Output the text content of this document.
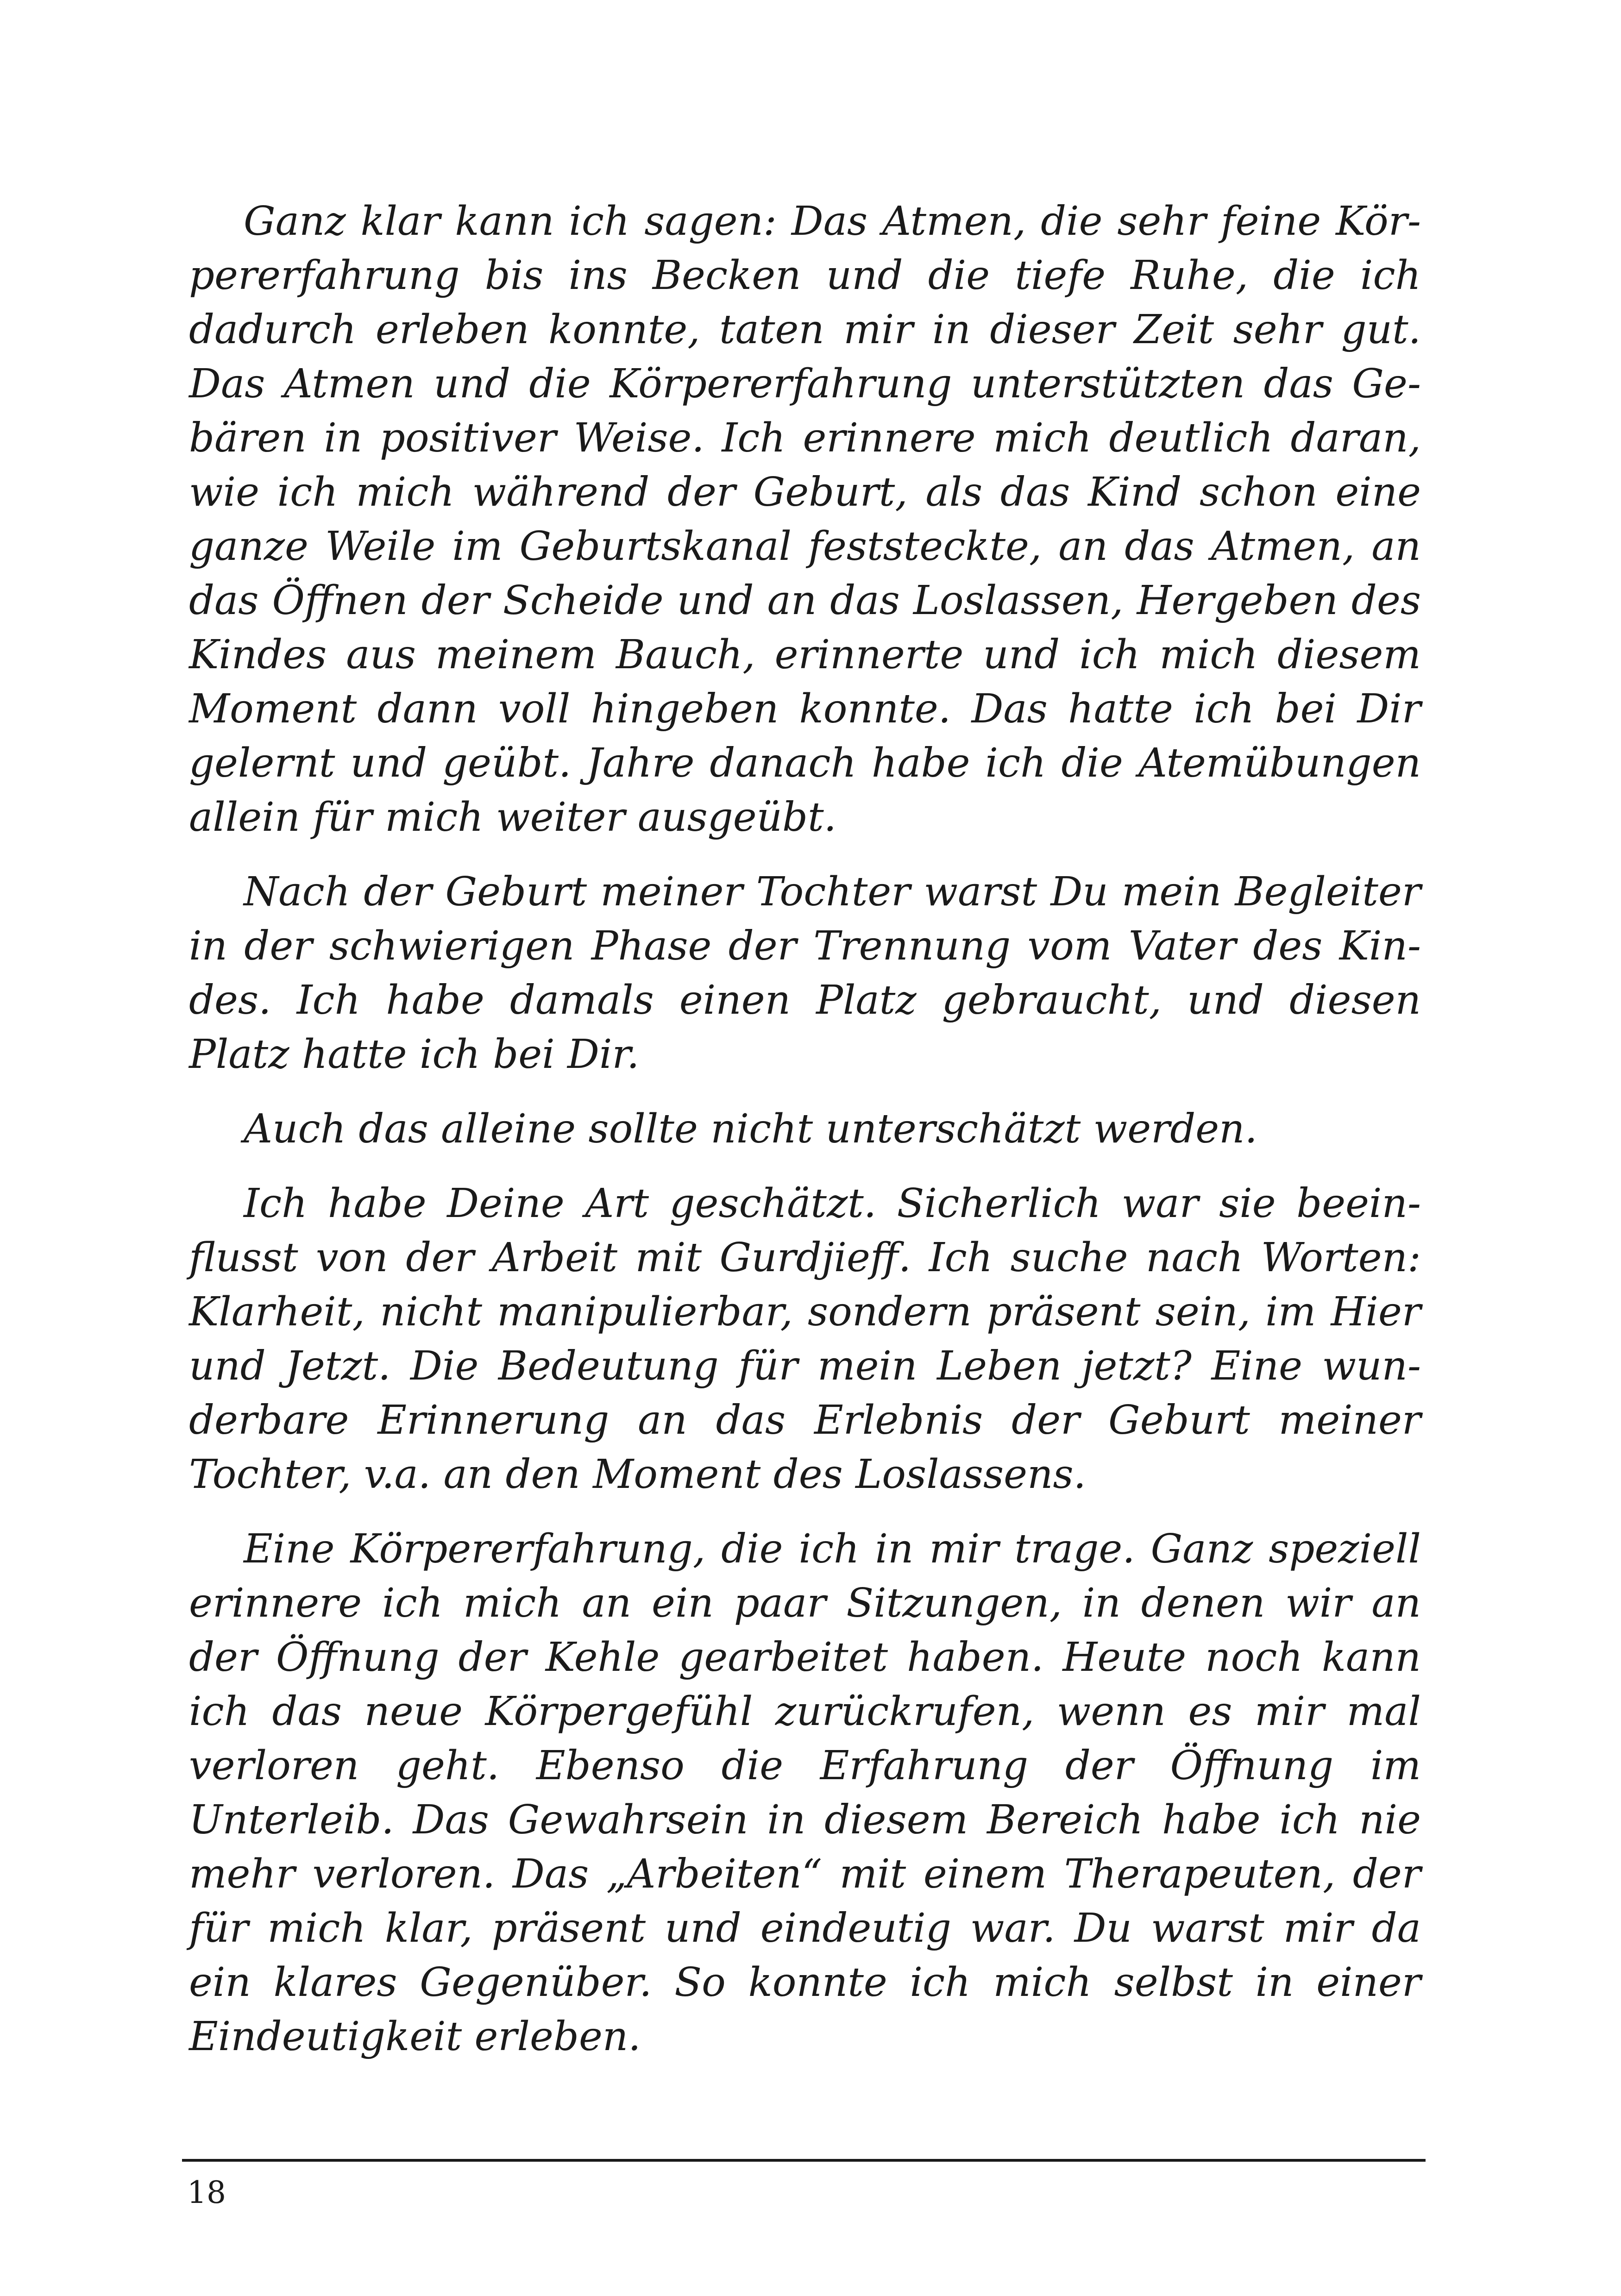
Ganz klar kann ich sagen: Das Atmen, die sehr feine Körpererfahrung bis ins Becken und die tiefe Ruhe, die ich dadurch erleben konnte, taten mir in dieser Zeit sehr gut. Das Atmen und die Körpererfahrung unterstützten das Gebären in positiver Weise. Ich erinnere mich deutlich daran, wie ich mich während der Geburt, als das Kind schon eine ganze Weile im Geburtskanal feststeckte, an das Atmen, an das Öffnen der Scheide und an das Loslassen, Hergeben des Kindes aus meinem Bauch, erinnerte und ich mich diesem Moment dann voll hingeben konnte. Das hatte ich bei Dir gelernt und geübt. Jahre danach habe ich die Atemübungen allein für mich weiter ausgeübt.

Nach der Geburt meiner Tochter warst Du mein Begleiter in der schwierigen Phase der Trennung vom Vater des Kindes. Ich habe damals einen Platz gebraucht, und diesen Platz hatte ich bei Dir.

Auch das alleine sollte nicht unterschätzt werden.

Ich habe Deine Art geschätzt. Sicherlich war sie beeinflusst von der Arbeit mit Gurdjieff. Ich suche nach Worten: Klarheit, nicht manipulierbar, sondern präsent sein, im Hier und Jetzt. Die Bedeutung für mein Leben jetzt? Eine wunderbare Erinnerung an das Erlebnis der Geburt meiner Tochter, v.a. an den Moment des Loslassens.

Eine Körpererfahrung, die ich in mir trage. Ganz speziell erinnere ich mich an ein paar Sitzungen, in denen wir an der Öffnung der Kehle gearbeitet haben. Heute noch kann ich das neue Körpergefühl zurückrufen, wenn es mir mal verloren geht. Ebenso die Erfahrung der Öffnung im Unterleib. Das Gewahrsein in diesem Bereich habe ich nie mehr verloren. Das „Arbeiten“ mit einem Therapeuten, der für mich klar, präsent und eindeutig war. Du warst mir da ein klares Gegenüber. So konnte ich mich selbst in einer Eindeutigkeit erleben.

18
